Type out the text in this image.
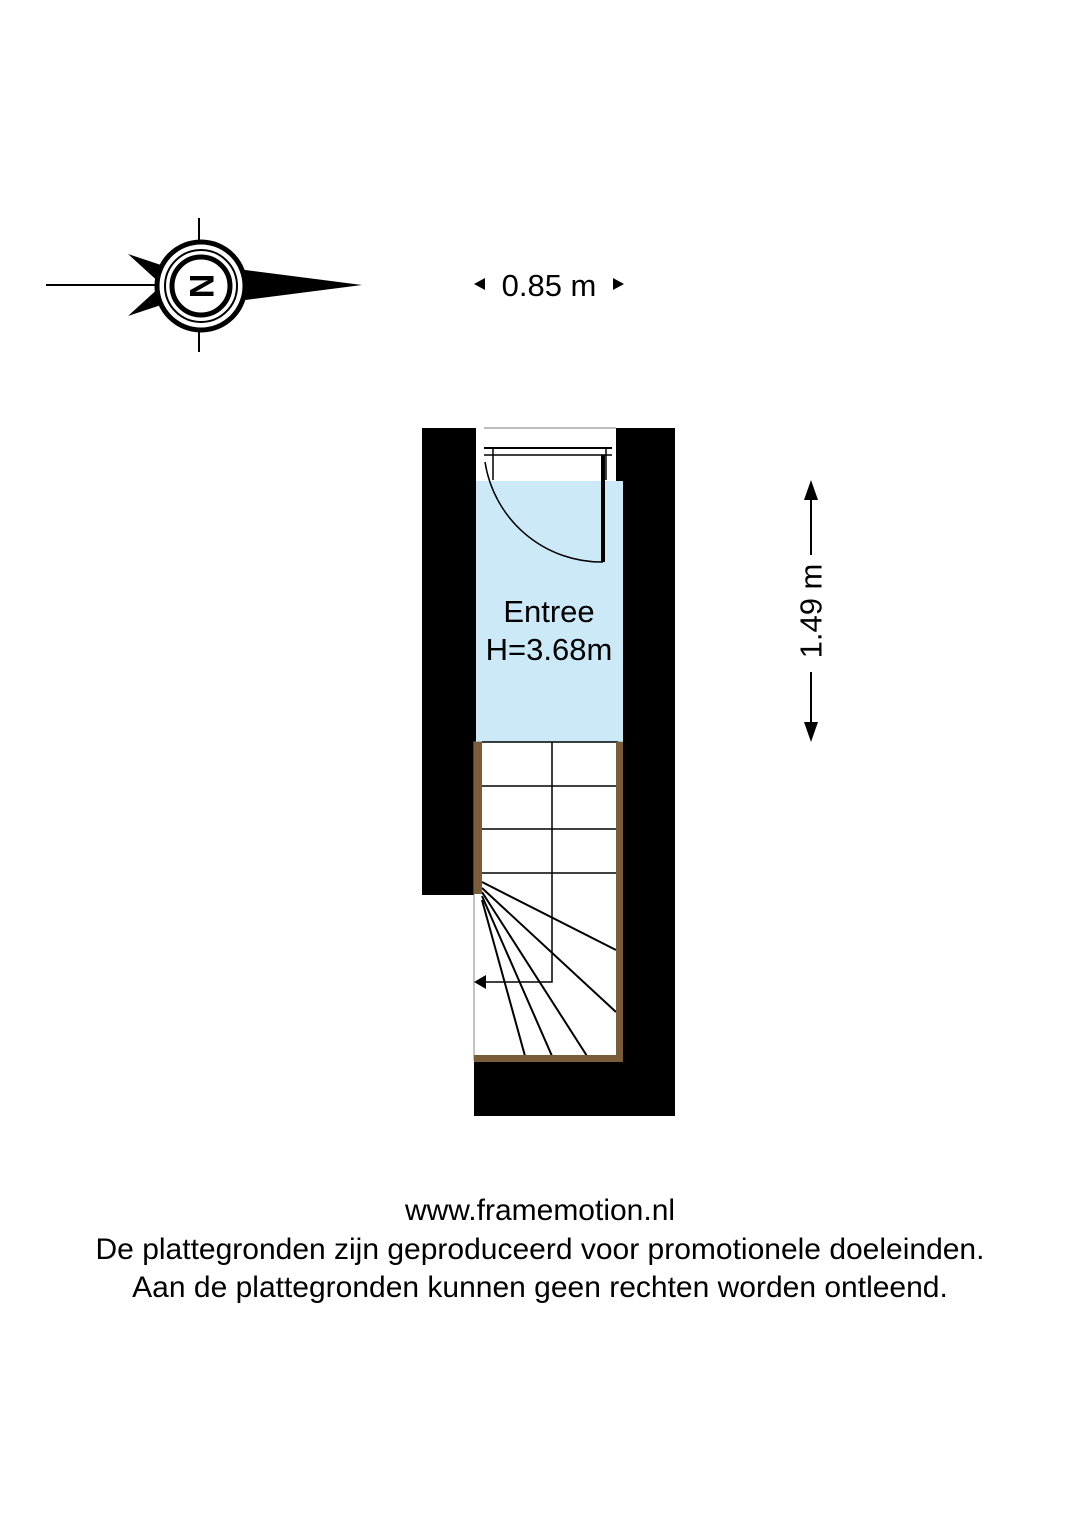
N	0.85 m
1.49 m
Entree
H=3.68m
www.framemotion.nl
De plattegronden zijn geproduceerd voor promotionele doeleinden.
Aan de plattegronden kunnen geen rechten worden ontleend.
